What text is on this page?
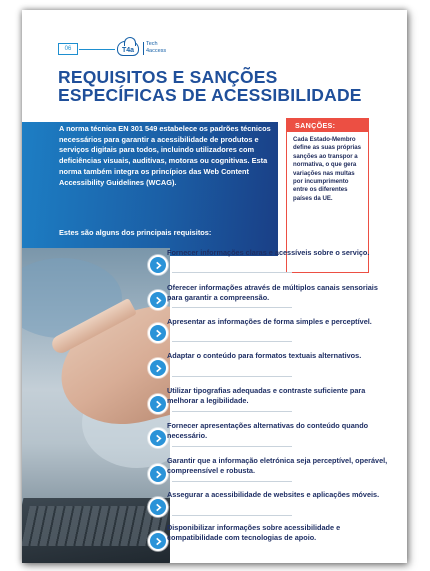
06	T4a
Tech
4access
REQUISITOS E SANÇÕES
ESPECÍFICAS DE ACESSIBILIDADE

A norma técnica EN 301 549 estabelece os padrões técnicos necessários para garantir a acessibilidade de produtos e serviços digitais para todos, incluindo utilizadores com deficiências visuais, auditivas, motoras ou cognitivas. Esta norma também integra os princípios das Web Content Accessibility Guidelines (WCAG).

Estes são alguns dos principais requisitos:

SANÇÕES:
Cada Estado-Membro define as suas próprias sanções ao transpor a normativa, o que gera variações nas multas por incumprimento entre os diferentes países da UE.
Fornecer informações claras e acessíveis sobre o serviço.
Oferecer informações através de múltiplos canais sensoriais para garantir a compreensão.
Apresentar as informações de forma simples e perceptível.
Adaptar o conteúdo para formatos textuais alternativos.
Utilizar tipografias adequadas e contraste suficiente para melhorar a legibilidade.
Fornecer apresentações alternativas do conteúdo quando necessário.
Garantir que a informação eletrónica seja perceptível, operável, compreensível e robusta.
Assegurar a acessibilidade de websites e aplicações móveis.
Disponibilizar informações sobre acessibilidade e compatibilidade com tecnologias de apoio.
